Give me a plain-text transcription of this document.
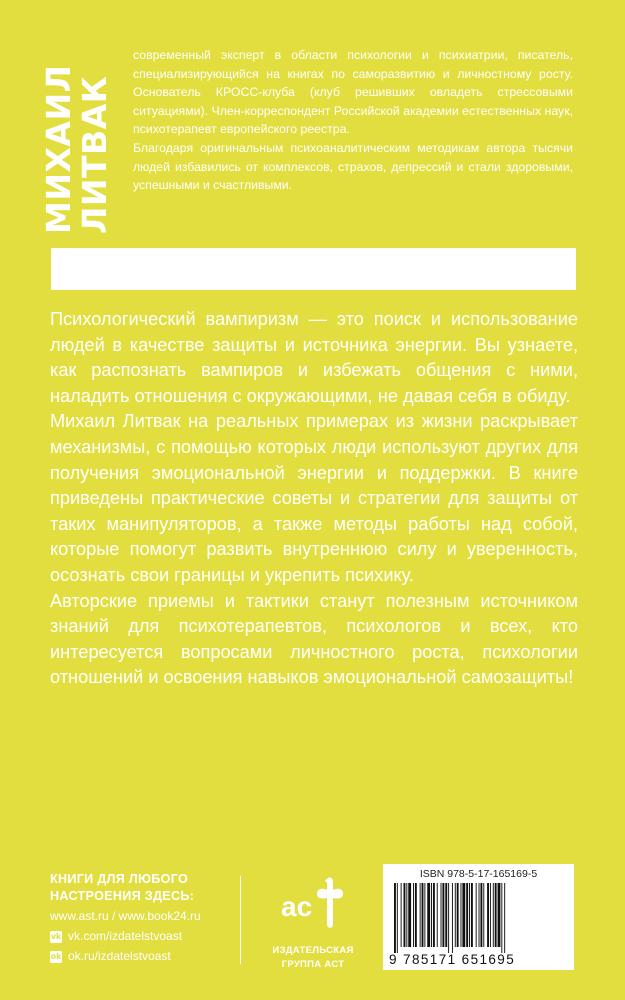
МИХАИЛ
ЛИТВАК

современный эксперт в области психологии и психиатрии, писатель, специализирующийся на книгах по саморазвитию и личностному росту. Основатель КРОСС-клуба (клуб решивших овладеть стрессовыми ситуациями). Член-корреспондент Российской академии естественных наук, психотерапевт европейского реестра.

Благодаря оригинальным психоаналитическим методикам автора тысячи людей избавились от комплексов, страхов, депрессий и стали здоровыми, успешными и счастливыми.

Психологический вампиризм — это поиск и использование людей в качестве защиты и источника энергии. Вы узнаете, как распознать вампиров и избежать общения с ними, наладить отношения с окружающими, не давая себя в обиду.

Михаил Литвак на реальных примерах из жизни раскрывает механизмы, с помощью которых люди используют других для получения эмоциональной энергии и поддержки. В книге приведены практические советы и стратегии для защиты от таких манипуляторов, а также методы работы над собой, которые помогут развить внутреннюю силу и уверенность, осознать свои границы и укрепить психику.

Авторские приемы и тактики станут полезным источником знаний для психотерапевтов, психологов и всех, кто интересуется вопросами личностного роста, психологии отношений и освоения навыков эмоциональной самозащиты!

КНИГИ ДЛЯ ЛЮБОГО
НАСТРОЕНИЯ ЗДЕСЬ:
www.ast.ru / www.book24.ru
vk vk.com/izdatelstvoast
ok ok.ru/izdatelstvoast
ас
ИЗДАТЕЛЬСКАЯ
ГРУППА АСТ
ISBN 978-5-17-165169-5
9 785171 651695
